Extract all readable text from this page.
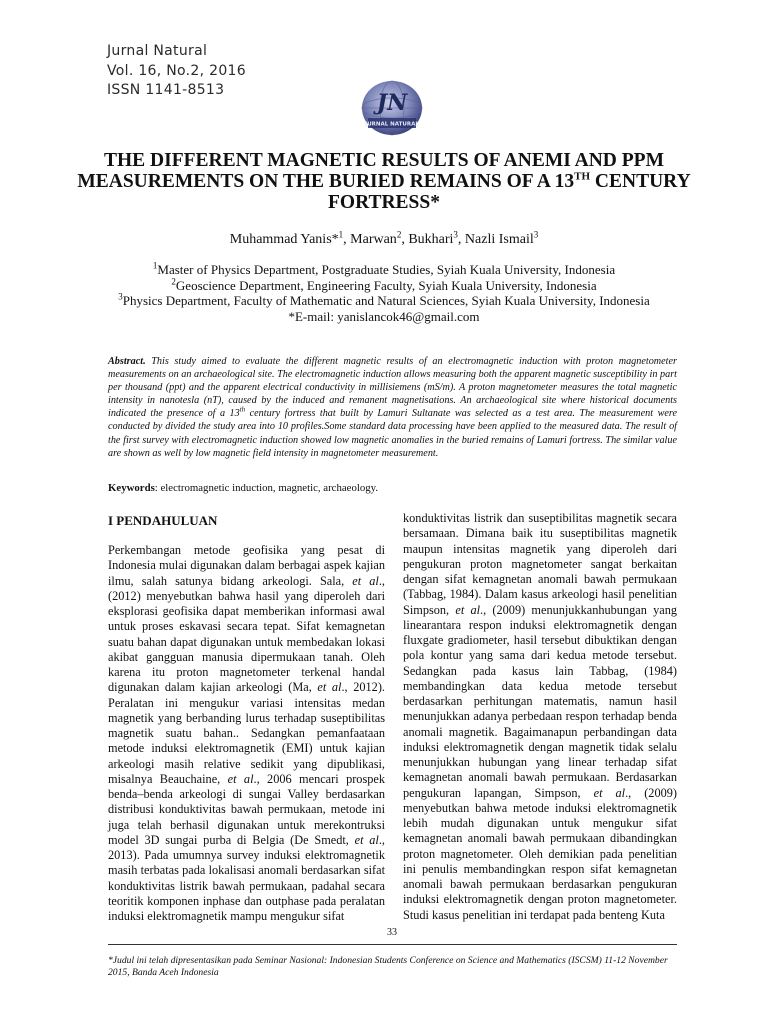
Jurnal Natural
Vol. 16, No.2, 2016
ISSN 1141-8513	JN
JURNAL NATURAL
THE DIFFERENT MAGNETIC RESULTS OF ANEMI AND PPM MEASUREMENTS ON THE BURIED REMAINS OF A 13TH CENTURY FORTRESS*
Muhammad Yanis*$^1$, Marwan$^2$, Bukhari$^3$, Nazli Ismail$^3$
$^1$Master of Physics Department, Postgraduate Studies, Syiah Kuala University, Indonesia
$^2$Geoscience Department, Engineering Faculty, Syiah Kuala University, Indonesia
$^3$Physics Department, Faculty of Mathematic and Natural Sciences, Syiah Kuala University, Indonesia
*E-mail: yanislancok46@gmail.com
Abstract. This study aimed to evaluate the different magnetic results of an electromagnetic induction with proton magnetometer measurements on an archaeological site. The electromagnetic induction allows measuring both the apparent magnetic susceptibility in part per thousand (ppt) and the apparent electrical conductivity in millisiemens (mS/m). A proton magnetometer measures the total magnetic intensity in nanotesla (nT), caused by the induced and remanent magnetisations. An archaeological site where historical documents indicated the presence of a 13th century fortress that built by Lamuri Sultanate was selected as a test area. The measurement were conducted by divided the study area into 10 profiles.Some standard data processing have been applied to the measured data. The result of the first survey with electromagnetic induction showed low magnetic anomalies in the buried remains of Lamuri fortress. The similar value are shown as well by low magnetic field intensity in magnetometer measurement.
Keywords: electromagnetic induction, magnetic, archaeology.
I PENDAHULUAN
Perkembangan metode geofisika yang pesat di Indonesia mulai digunakan dalam berbagai aspek kajian ilmu, salah satunya bidang arkeologi. Sala, et al., (2012) menyebutkan bahwa hasil yang diperoleh dari eksplorasi geofisika dapat memberikan informasi awal untuk proses eskavasi secara tepat. Sifat kemagnetan suatu bahan dapat digunakan untuk membedakan lokasi akibat gangguan manusia dipermukaan tanah. Oleh karena itu proton magnetometer terkenal handal digunakan dalam kajian arkeologi (Ma, et al., 2012). Peralatan ini mengukur variasi intensitas medan magnetik yang berbanding lurus terhadap suseptibilitas magnetik suatu bahan.. Sedangkan pemanfaataan metode induksi elektromagnetik (EMI) untuk kajian arkeologi masih relative sedikit yang dipublikasi, misalnya Beauchaine, et al., 2006 mencari prospek benda–benda arkeologi di sungai Valley berdasarkan distribusi konduktivitas bawah permukaan, metode ini juga telah berhasil digunakan untuk merekontruksi model 3D sungai purba di Belgia (De Smedt, et al., 2013). Pada umumnya survey induksi elektromagnetik masih terbatas pada lokalisasi anomali berdasarkan sifat konduktivitas listrik bawah permukaan, padahal secara teoritik komponen inphase dan outphase pada peralatan induksi elektromagnetik mampu mengukur sifat
konduktivitas listrik dan suseptibilitas magnetik secara bersamaan. Dimana baik itu suseptibilitas magnetik maupun intensitas magnetik yang diperoleh dari pengukuran proton magnetometer sangat berkaitan dengan sifat kemagnetan anomali bawah permukaan (Tabbag, 1984). Dalam kasus arkeologi hasil penelitian Simpson, et al., (2009) menunjukkanhubungan yang linearantara respon induksi elektromagnetik dengan fluxgate gradiometer, hasil tersebut dibuktikan dengan pola kontur yang sama dari kedua metode tersebut. Sedangkan pada kasus lain Tabbag, (1984) membandingkan data kedua metode tersebut berdasarkan perhitungan matematis, namun hasil menunjukkan adanya perbedaan respon terhadap benda anomali magnetik. Bagaimanapun perbandingan data induksi elektromagnetik dengan magnetik tidak selalu menunjukkan hubungan yang linear terhadap sifat kemagnetan anomali bawah permukaan. Berdasarkan pengukuran lapangan, Simpson, et al., (2009) menyebutkan bahwa metode induksi elektromagnetik lebih mudah digunakan untuk mengukur sifat kemagnetan anomali bawah permukaan dibandingkan proton magnetometer. Oleh demikian pada penelitian ini penulis membandingkan respon sifat kemagnetan anomali bawah permukaan berdasarkan pengukuran induksi elektromagnetik dengan proton magnetometer. Studi kasus penelitian ini terdapat pada benteng Kuta
33
*Judul ini telah dipresentasikan pada Seminar Nasional: Indonesian Students Conference on Science and Mathematics (ISCSM) 11-12 November 2015, Banda Aceh Indonesia
